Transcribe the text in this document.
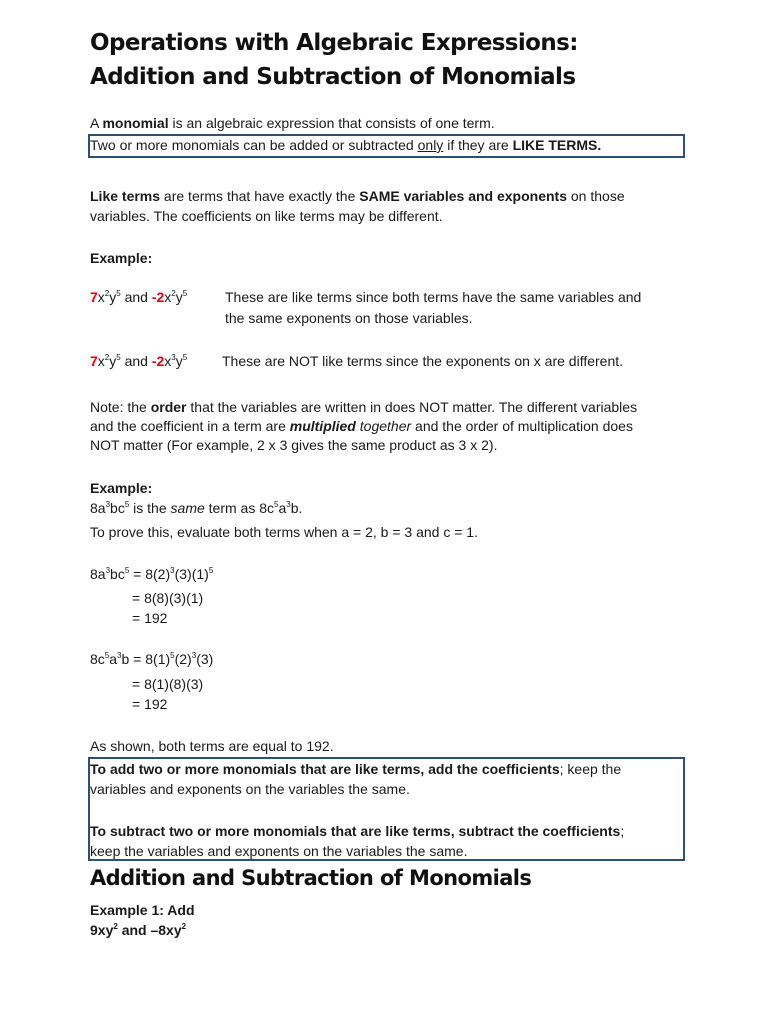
Operations with Algebraic Expressions: Addition and Subtraction of Monomials
A monomial is an algebraic expression that consists of one term.
Two or more monomials can be added or subtracted only if they are LIKE TERMS.
Like terms are terms that have exactly the SAME variables and exponents on those
variables. The coefficients on like terms may be different.
Example:
$7x^2y^5$ and $-2x^2y^5$	These are like terms since both terms have the same variables and
the same exponents on those variables.
$7x^2y^5$ and $-2x^3y^5$ These are NOT like terms since the exponents on x are different.
Note: the order that the variables are written in does NOT matter. The different variables
and the coefficient in a term are multiplied together and the order of multiplication does
NOT matter (For example, 2 x 3 gives the same product as 3 x 2).
Example:
$8a^3bc^5$ is the same term as $8c^5a^3b$.
To prove this, evaluate both terms when a = 2, b = 3 and c = 1.
$8a^3bc^5 = 8(2)^3(3)(1)^5$
= 8(8)(3)(1)
= 192
$8c^5a^3b = 8(1)^5(2)^3(3)$
= 8(1)(8)(3)
= 192
As shown, both terms are equal to 192.
To add two or more monomials that are like terms, add the coefficients; keep the
variables and exponents on the variables the same.
To subtract two or more monomials that are like terms, subtract the coefficients;
keep the variables and exponents on the variables the same.
Addition and Subtraction of Monomials
Example 1: Add
$9xy^2$ and $-8xy^2$
